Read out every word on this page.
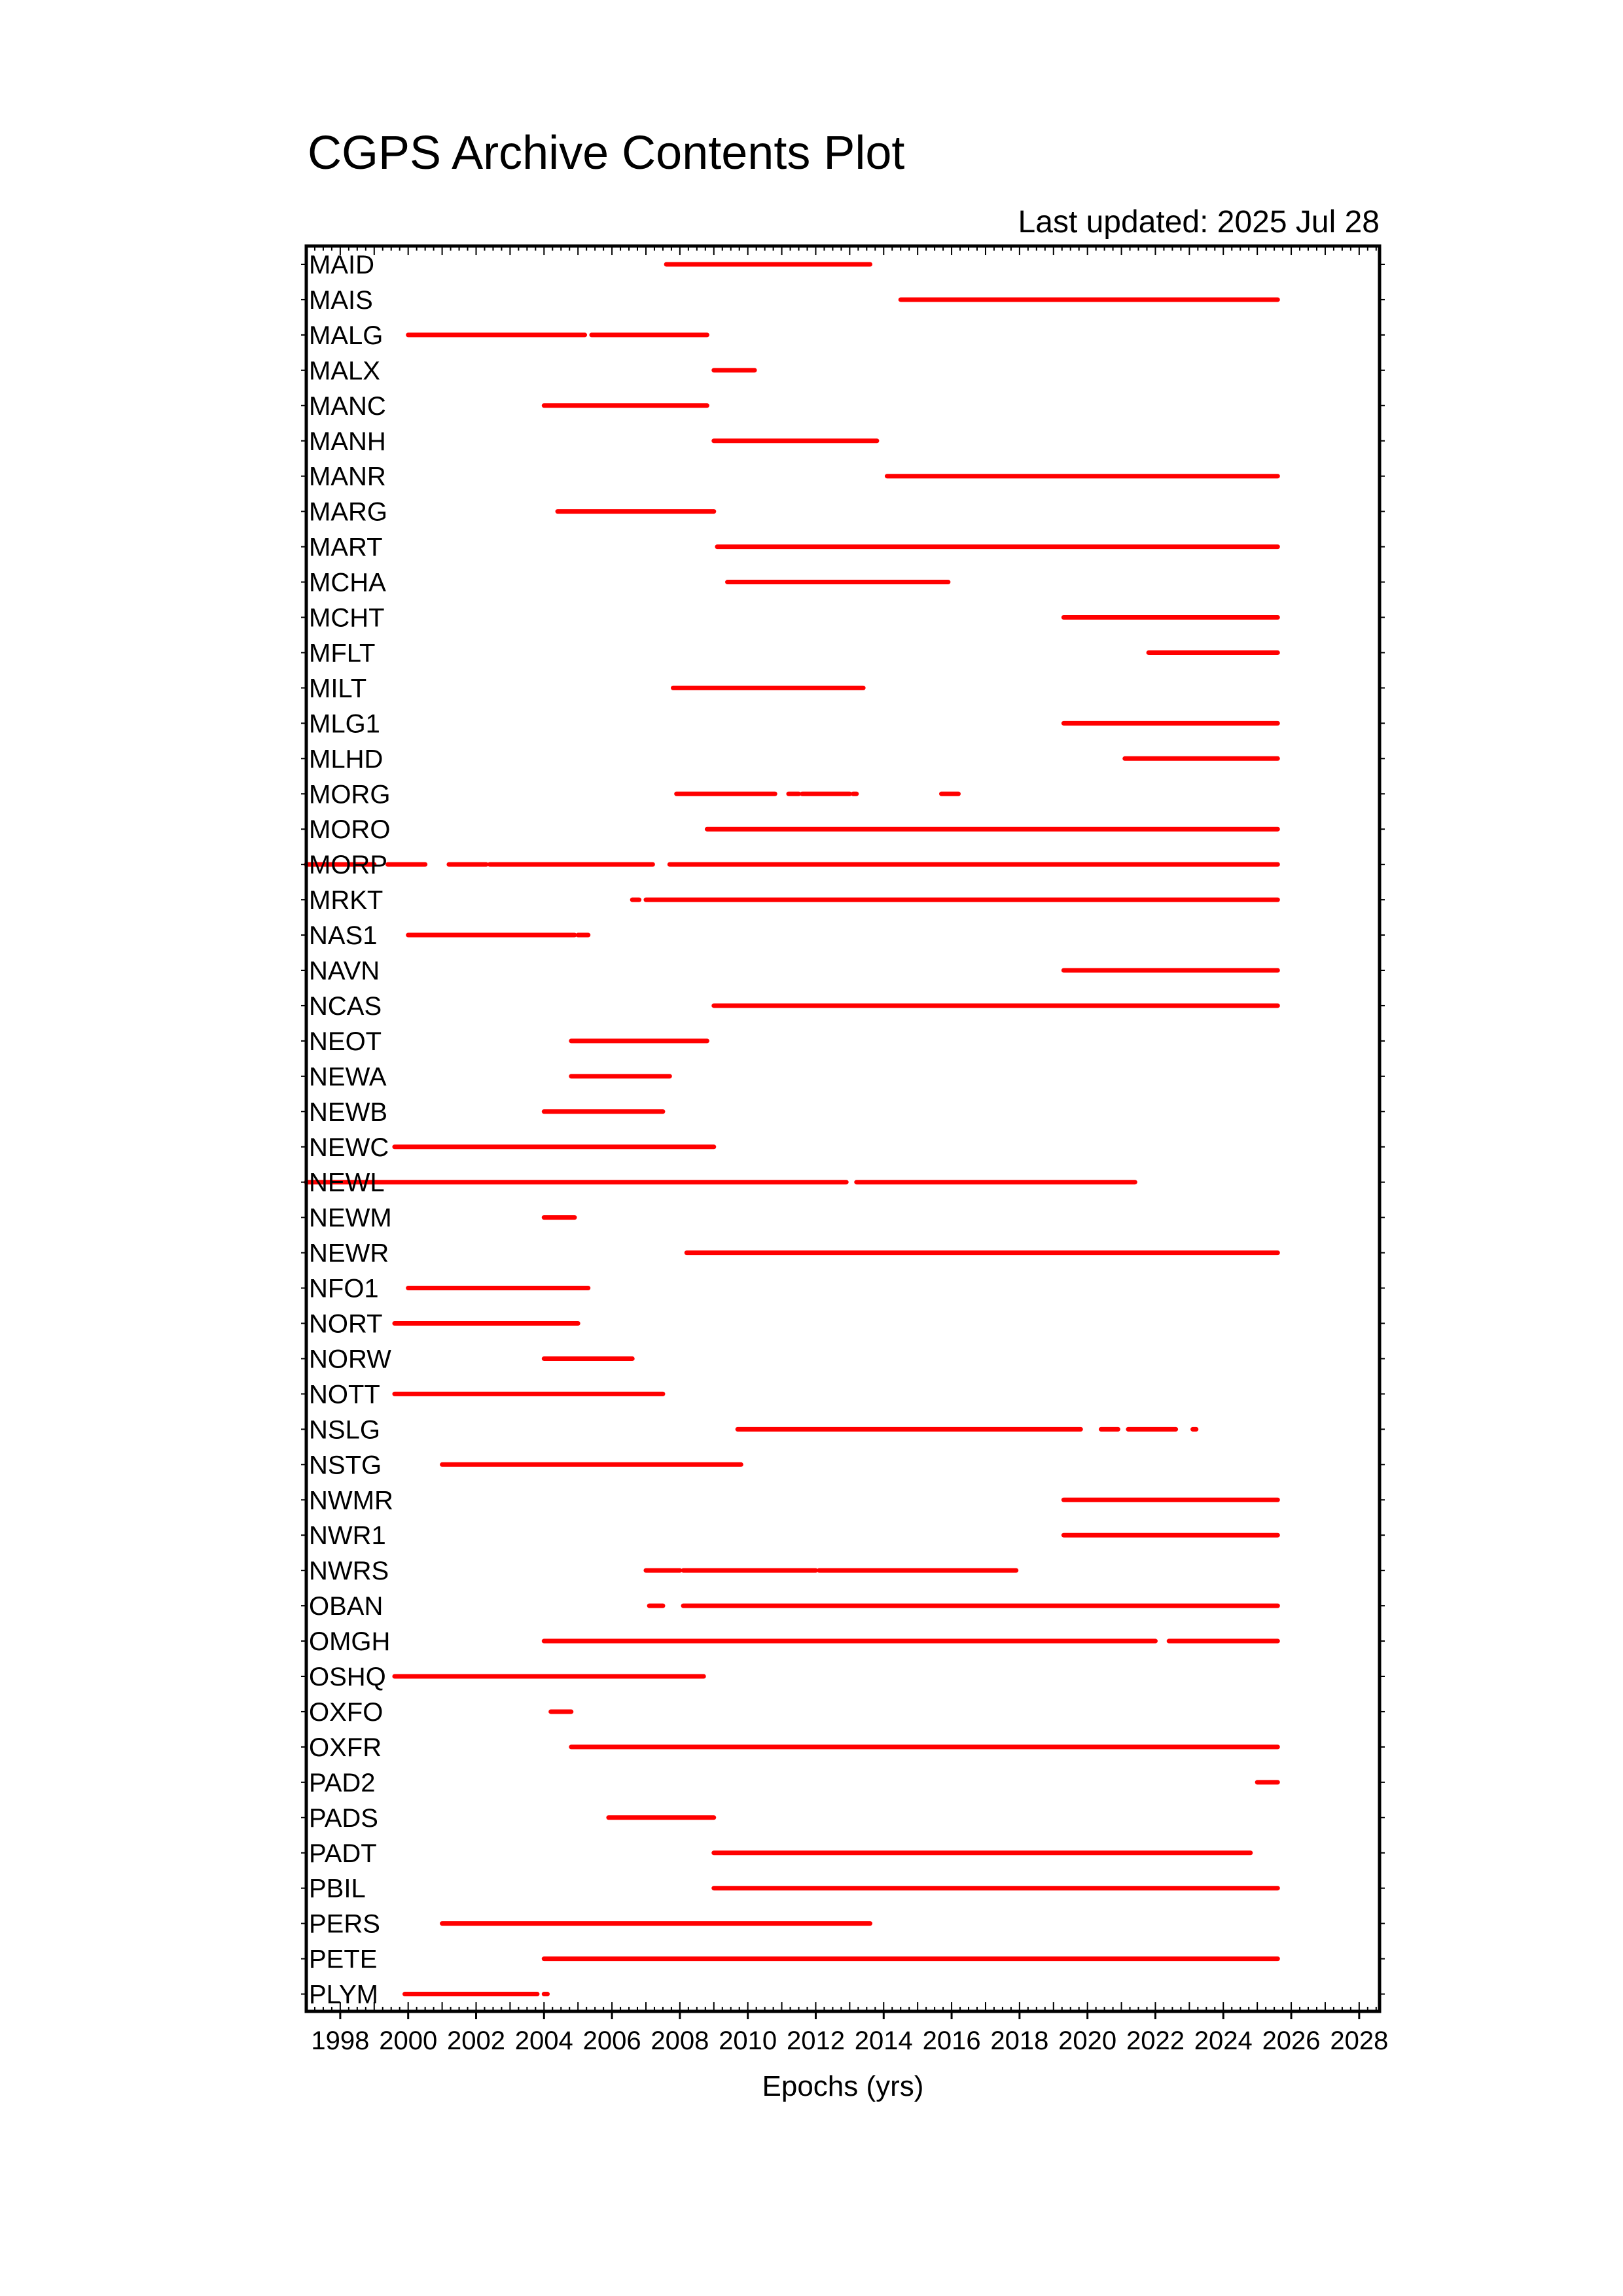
CGPS Archive Contents Plot
Last updated: 2025 Jul 28
MAID
MAIS
MALG
MALX
MANC
MANH
MANR
MARG
MART
MCHA
MCHT
MFLT
MILT
MLG1
MLHD
MORG
MORO
MORP
MRKT
NAS1
NAVN
NCAS
NEOT
NEWA
NEWB
NEWC
NEWL
NEWM
NEWR
NFO1
NORT
NORW
NOTT
NSLG
NSTG
NWMR
NWR1
NWRS
OBAN
OMGH
OSHQ
OXFO
OXFR
PAD2
PADS
PADT
PBIL
PERS
PETE
PLYM
1998 2000 2002 2004 2006 2008 2010 2012 2014 2016 2018 2020 2022 2024 2026 2028
Epochs (yrs)
